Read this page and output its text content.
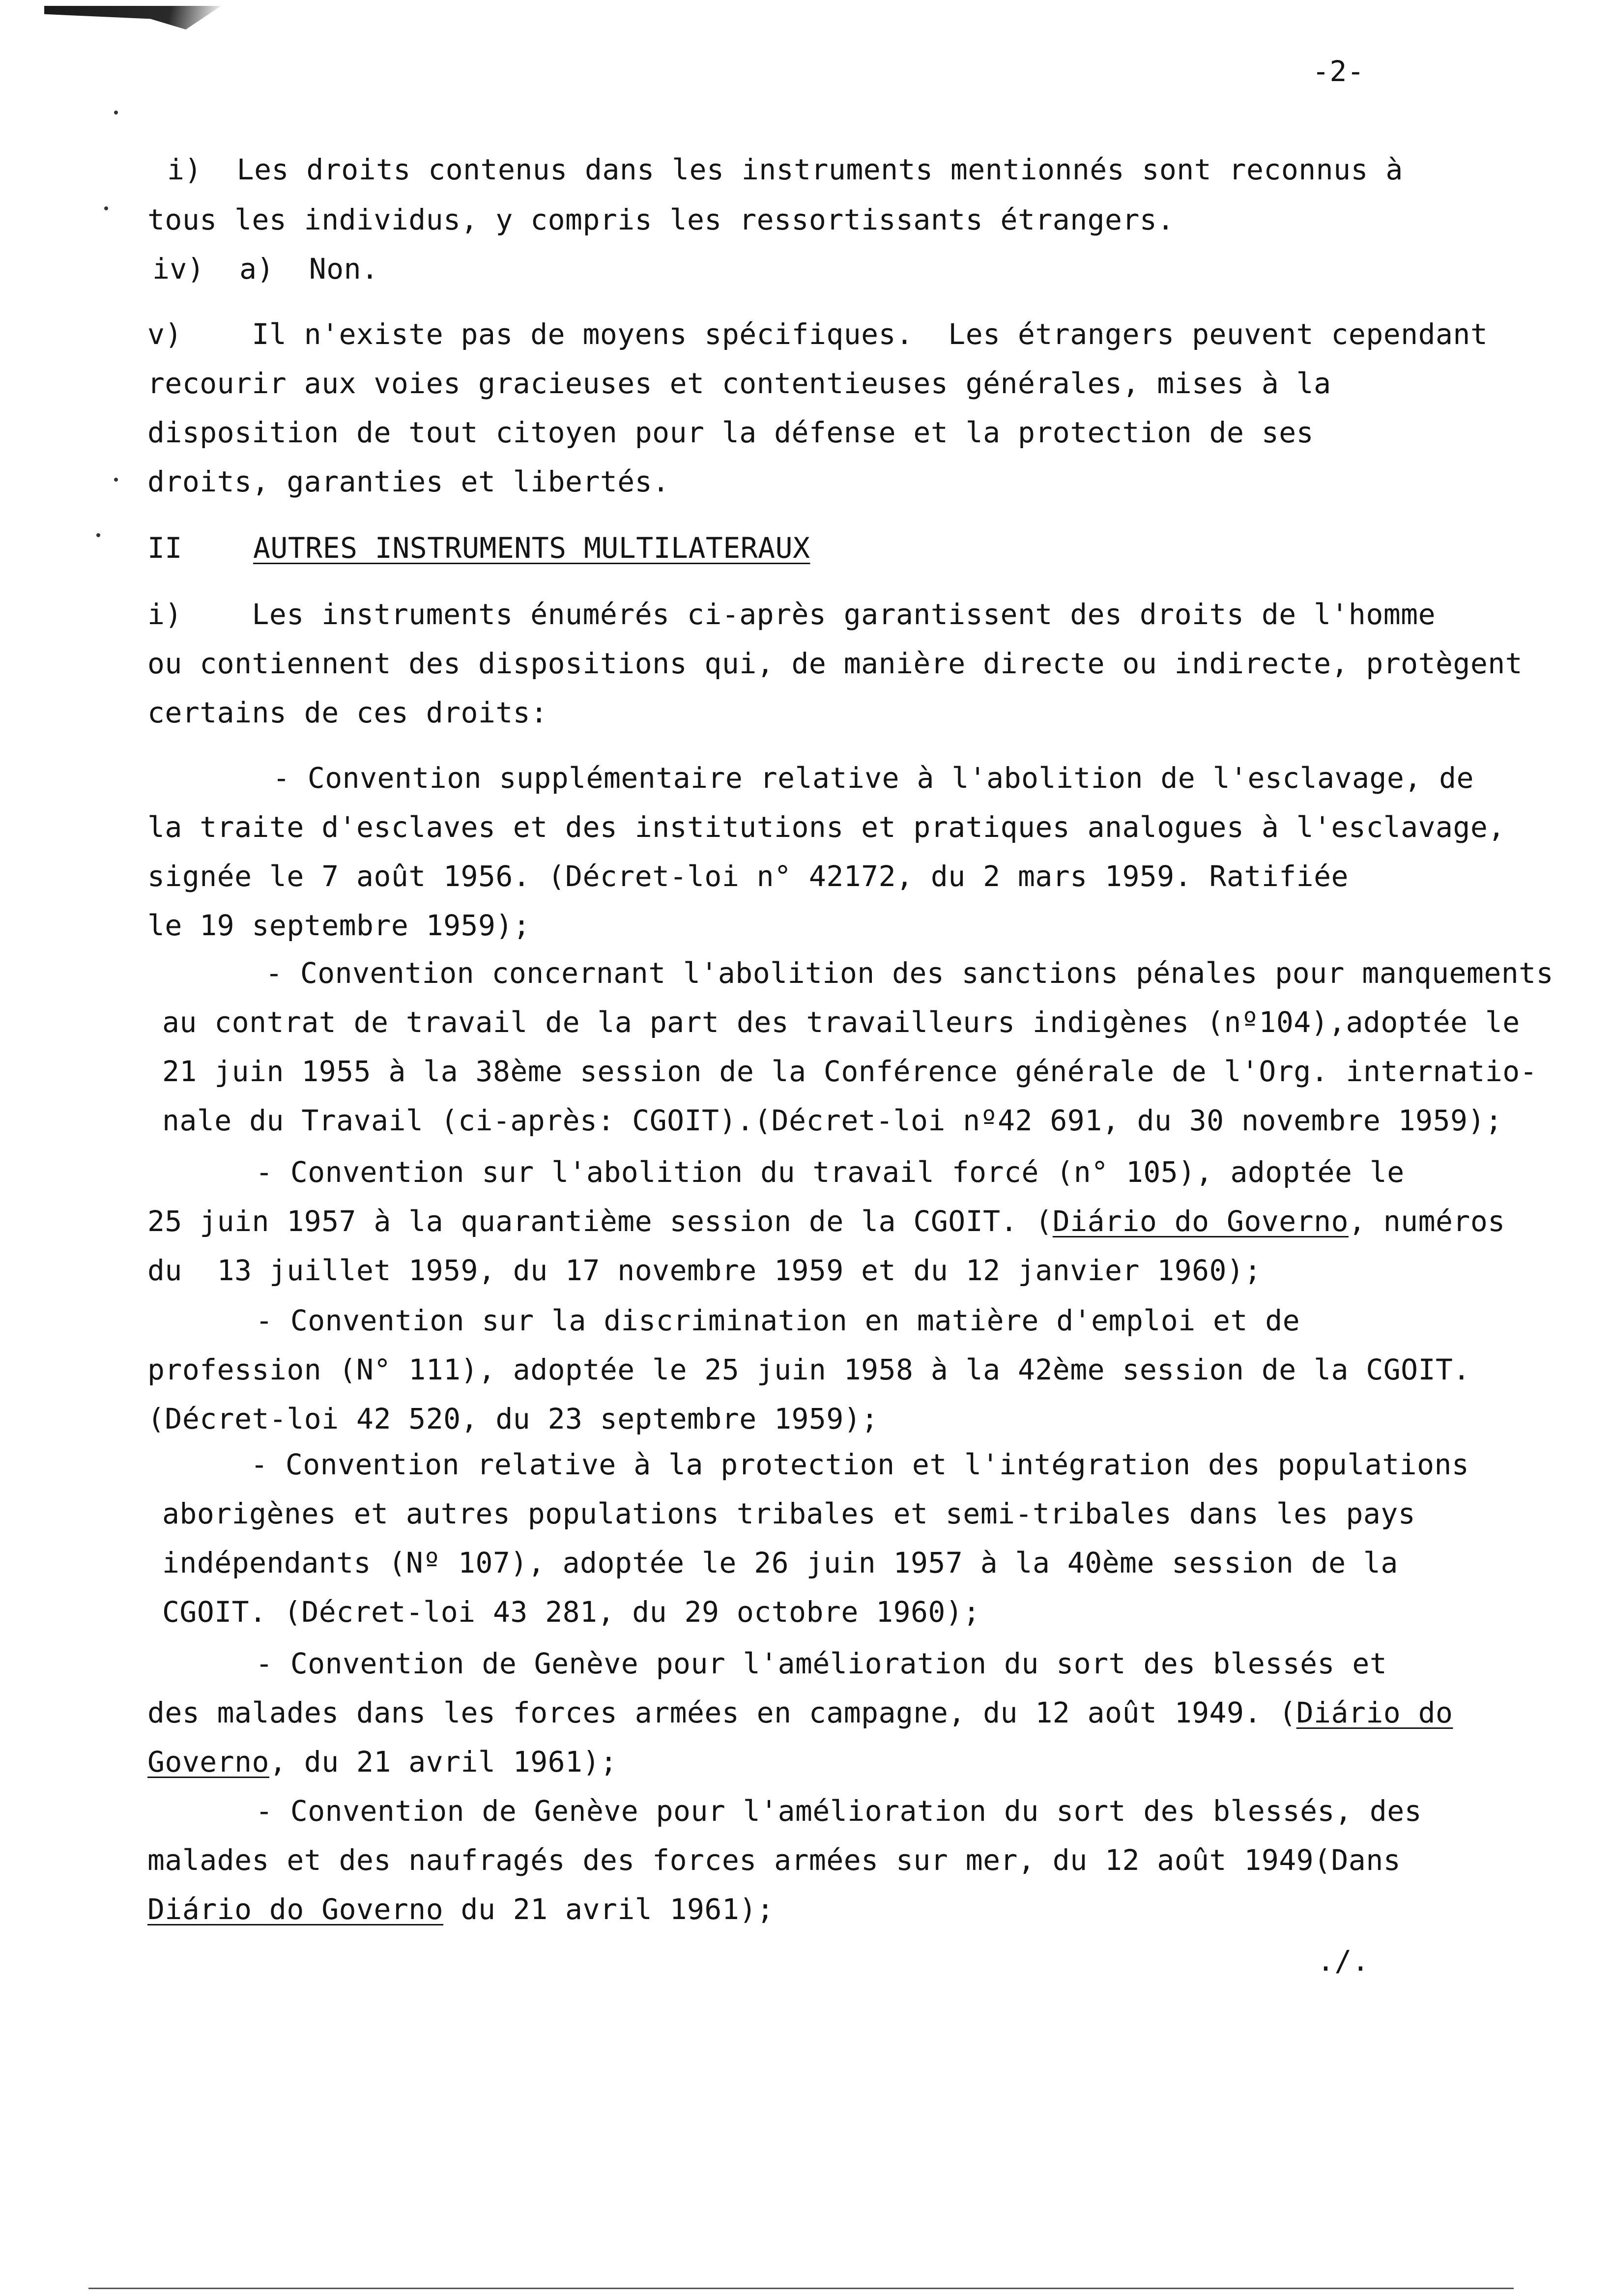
-2-
i)  Les droits contenus dans les instruments mentionnés sont reconnus à
tous les individus, y compris les ressortissants étrangers.
iv)  a)  Non.
v)    Il n'existe pas de moyens spécifiques.  Les étrangers peuvent cependant
recourir aux voies gracieuses et contentieuses générales, mises à la
disposition de tout citoyen pour la défense et la protection de ses
droits, garanties et libertés.
II AUTRES INSTRUMENTS MULTILATERAUX
i)    Les instruments énumérés ci-après garantissent des droits de l'homme
ou contiennent des dispositions qui, de manière directe ou indirecte, protègent
certains de ces droits:
- Convention supplémentaire relative à l'abolition de l'esclavage, de
la traite d'esclaves et des institutions et pratiques analogues à l'esclavage,
signée le 7 août 1956. (Décret-loi n° 42172, du 2 mars 1959. Ratifiée
le 19 septembre 1959);
- Convention concernant l'abolition des sanctions pénales pour manquements
au contrat de travail de la part des travailleurs indigènes (nº104),adoptée le
21 juin 1955 à la 38ème session de la Conférence générale de l'Org. internatio-
nale du Travail (ci-après: CGOIT).(Décret-loi nº42 691, du 30 novembre 1959);
- Convention sur l'abolition du travail forcé (n° 105), adoptée le
25 juin 1957 à la quarantième session de la CGOIT. (Diário do Governo, numéros
du  13 juillet 1959, du 17 novembre 1959 et du 12 janvier 1960);
- Convention sur la discrimination en matière d'emploi et de
profession (N° 111), adoptée le 25 juin 1958 à la 42ème session de la CGOIT.
(Décret-loi 42 520, du 23 septembre 1959);
- Convention relative à la protection et l'intégration des populations
aborigènes et autres populations tribales et semi-tribales dans les pays
indépendants (Nº 107), adoptée le 26 juin 1957 à la 40ème session de la
CGOIT. (Décret-loi 43 281, du 29 octobre 1960);
- Convention de Genève pour l'amélioration du sort des blessés et
des malades dans les forces armées en campagne, du 12 août 1949. (Diário do
Governo, du 21 avril 1961);
- Convention de Genève pour l'amélioration du sort des blessés, des
malades et des naufragés des forces armées sur mer, du 12 août 1949(Dans
Diário do Governo du 21 avril 1961);
./.
